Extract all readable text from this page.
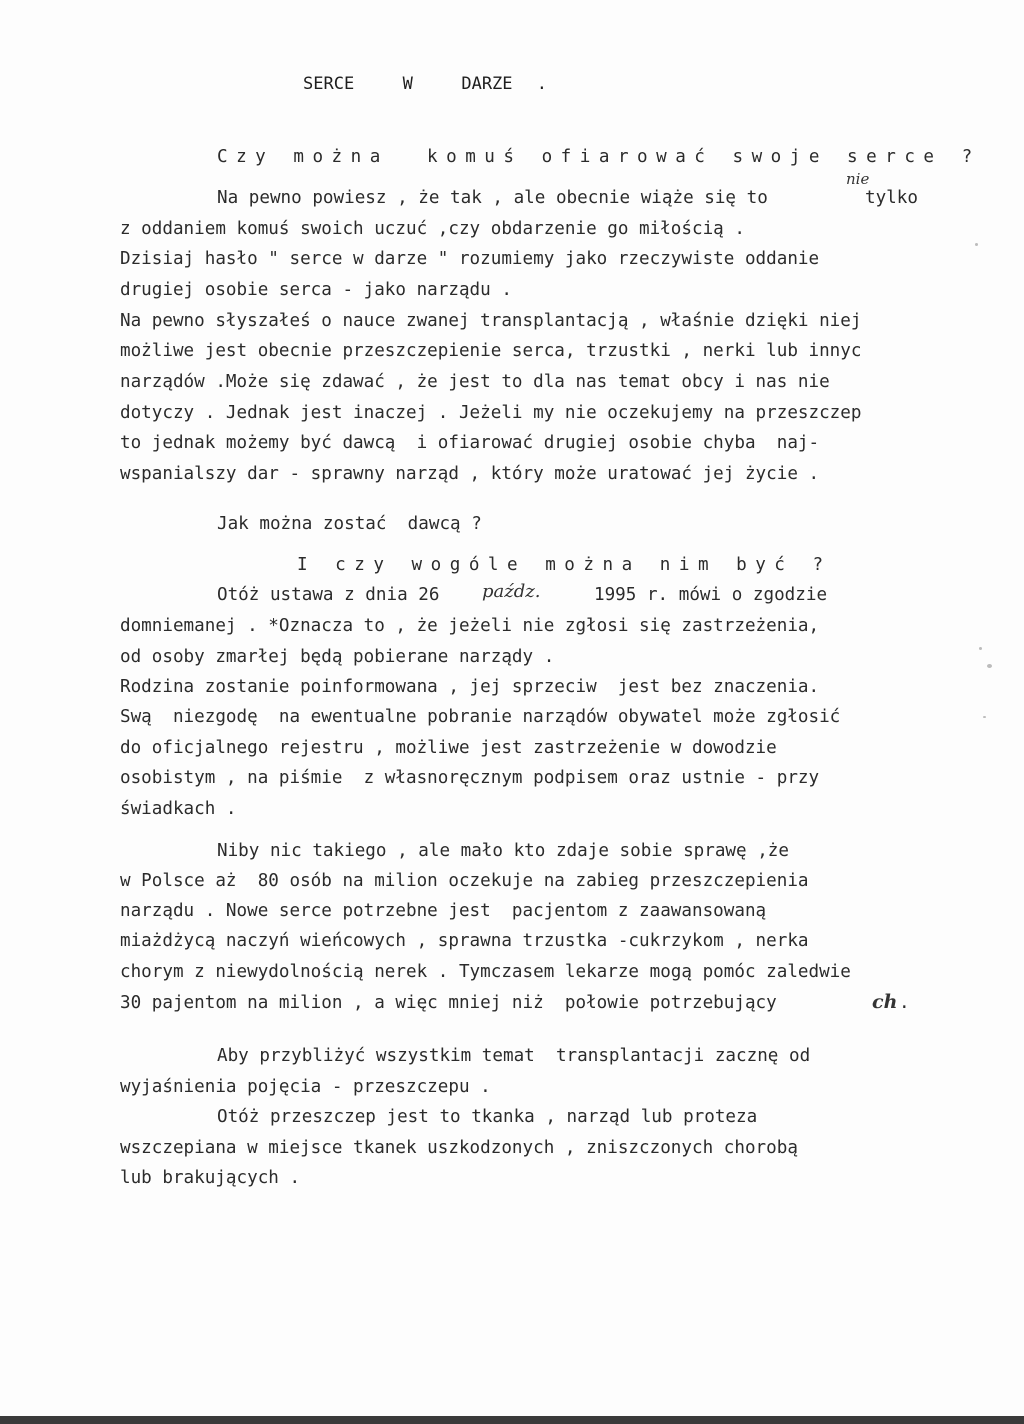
SERCE  W  DARZE .
Czy można  komuś ofiarować swoje serce ?
nie
Na pewno powiesz , że tak , ale obecnie wiąże się to	tylko
z oddaniem komuś swoich uczuć ,czy obdarzenie go miłością .
Dzisiaj hasło " serce w darze " rozumiemy jako rzeczywiste oddanie
drugiej osobie serca - jako narządu .
Na pewno słyszałeś o nauce zwanej transplantacją , właśnie dzięki niej
możliwe jest obecnie przeszczepienie serca, trzustki , nerki lub innyc
narządów .Może się zdawać , że jest to dla nas temat obcy i nas nie
dotyczy . Jednak jest inaczej . Jeżeli my nie oczekujemy na przeszczep
to jednak możemy być dawcą  i ofiarować drugiej osobie chyba  naj-
wspanialszy dar - sprawny narząd , który może uratować jej życie .
Jak można zostać  dawcą ?
I czy wogóle można nim być ?
Otóż ustawa z dnia 26 paźdz.	1995 r. mówi o zgodzie
domniemanej . *Oznacza to , że jeżeli nie zgłosi się zastrzeżenia,
od osoby zmarłej będą pobierane narządy .
Rodzina zostanie poinformowana , jej sprzeciw  jest bez znaczenia.
Swą  niezgodę  na ewentualne pobranie narządów obywatel może zgłosić
do oficjalnego rejestru , możliwe jest zastrzeżenie w dowodzie
osobistym , na piśmie  z własnoręcznym podpisem oraz ustnie - przy
świadkach .
Niby nic takiego , ale mało kto zdaje sobie sprawę ,że
w Polsce aż  80 osób na milion oczekuje na zabieg przeszczepienia
narządu . Nowe serce potrzebne jest  pacjentom z zaawansowaną
miażdżycą naczyń wieńcowych , sprawna trzustka -cukrzykom , nerka
chorym z niewydolnością nerek . Tymczasem lekarze mogą pomóc zaledwie
30 pajentom na milion , a więc mniej niż  połowie potrzebujący	ch .
Aby przybliżyć wszystkim temat  transplantacji zacznę od
wyjaśnienia pojęcia - przeszczepu .
Otóż przeszczep jest to tkanka , narząd lub proteza
wszczepiana w miejsce tkanek uszkodzonych , zniszczonych chorobą
lub brakujących .
